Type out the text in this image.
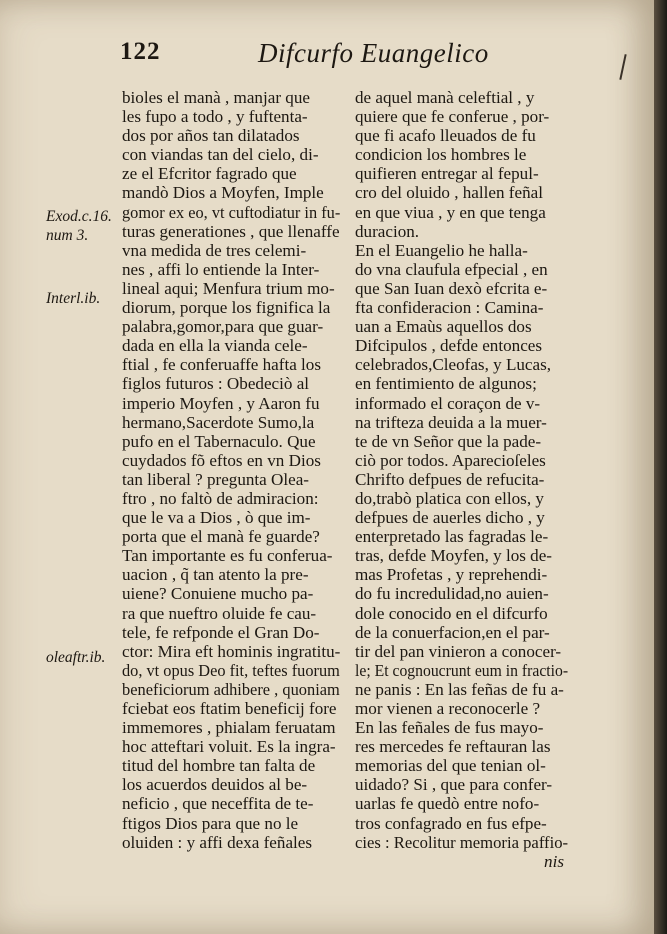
122	Difcurfo Euangelico
Exod.c.16.
num 3.
Interl.ib.
oleaftr.ib.
bioles el manà , manjar que
les fupo a todo , y fuftenta-
dos por años tan dilatados
con viandas tan del cielo, di-
ze el Efcritor fagrado que
mandò Dios a Moyfen, Imple
gomor ex eo, vt cuftodiatur in fu-
turas generationes , que llenaffe
vna medida de tres celemi-
nes , affi lo entiende la Inter-
lineal aqui; Menfura trium mo-
diorum, porque los fignifica la
palabra,gomor,para que guar-
dada en ella la vianda cele-
ftial , fe conferuaffe hafta los
figlos futuros : Obedeciò al
imperio Moyfen , y Aaron fu
hermano,Sacerdote Sumo,la
pufo en el Tabernaculo. Que
cuydados fõ eftos en vn Dios
tan liberal ? pregunta Olea-
ftro , no faltò de admiracion:
que le va a Dios , ò que im-
porta que el manà fe guarde?
Tan importante es fu conferua-
uacion , q̃ tan atento la pre-
uiene? Conuiene mucho pa-
ra que nueftro oluide fe cau-
tele, fe refponde el Gran Do-
ctor: Mira eft hominis ingratitu-
do, vt opus Deo fit, teftes fuorum
beneficiorum adhibere , quoniam
fciebat eos ftatim beneficij fore
immemores , phialam feruatam
hoc atteftari voluit. Es la ingra-
titud del hombre tan falta de
los acuerdos deuidos al be-
neficio , que neceffita de te-
ftigos Dios para que no le
oluiden : y affi dexa feñales
de aquel manà celeftial , y
quiere que fe conferue , por-
que fi acafo lleuados de fu
condicion los hombres le
quifieren entregar al fepul-
cro del oluido , hallen feñal
en que viua , y en que tenga
duracion.
En el Euangelio he halla-
do vna claufula efpecial , en
que San Iuan dexò efcrita e-
fta confideracion : Camina-
uan a Emaùs aquellos dos
Difcipulos , defde entonces
celebrados,Cleofas, y Lucas,
en fentimiento de algunos;
informado el coraçon de v-
na trifteza deuida a la muer-
te de vn Señor que la pade-
ciò por todos. Aparecioſeles
Chrifto defpues de refucita-
do,trabò platica con ellos, y
defpues de auerles dicho , y
enterpretado las fagradas le-
tras, defde Moyfen, y los de-
mas Profetas , y reprehendi-
do fu incredulidad,no auien-
dole conocido en el difcurfo
de la conuerfacion,en el par-
tir del pan vinieron a conocer-
le; Et cognoucrunt eum in fractio-
ne panis : En las feñas de fu a-
mor vienen a reconocerle ?
En las feñales de fus mayo-
res mercedes fe reftauran las
memorias del que tenian ol-
uidado? Si , que para confer-
uarlas fe quedò entre nofo-
tros confagrado en fus efpe-
cies : Recolitur memoria paffio-
nis
